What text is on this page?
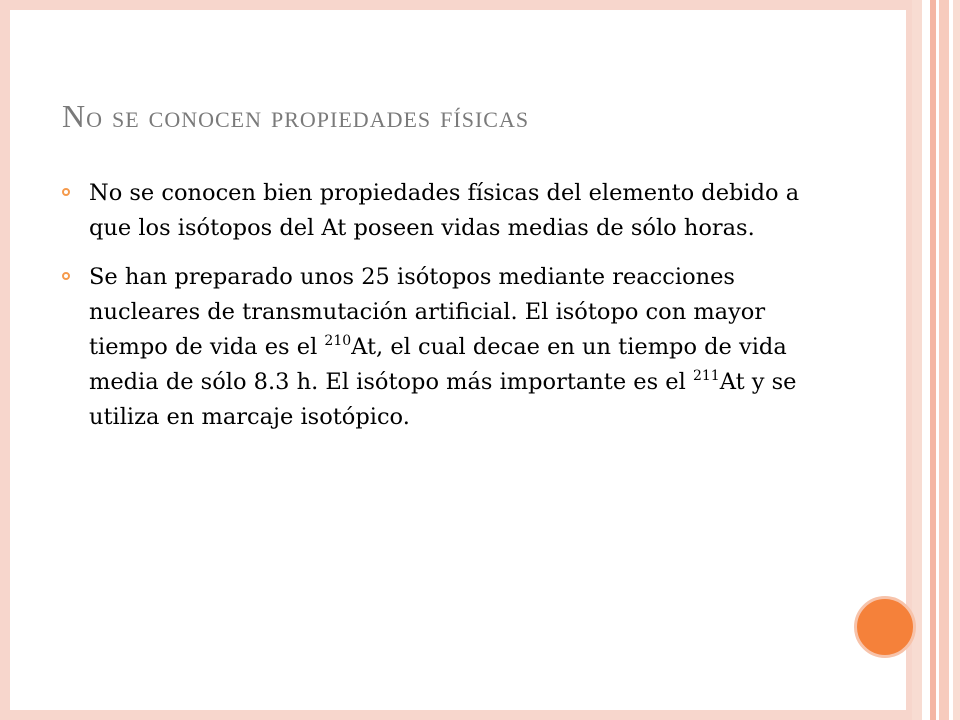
No se conocen propiedades físicas
No se conocen bien propiedades físicas del elemento debido a que los isótopos del At poseen vidas medias de sólo horas.
Se han preparado unos 25 isótopos mediante reacciones nucleares de transmutación artificial. El isótopo con mayor tiempo de vida es el $^{210}$At, el cual decae en un tiempo de vida media de sólo 8.3 h. El isótopo más importante es el $^{211}$At y se utiliza en marcaje isotópico.
